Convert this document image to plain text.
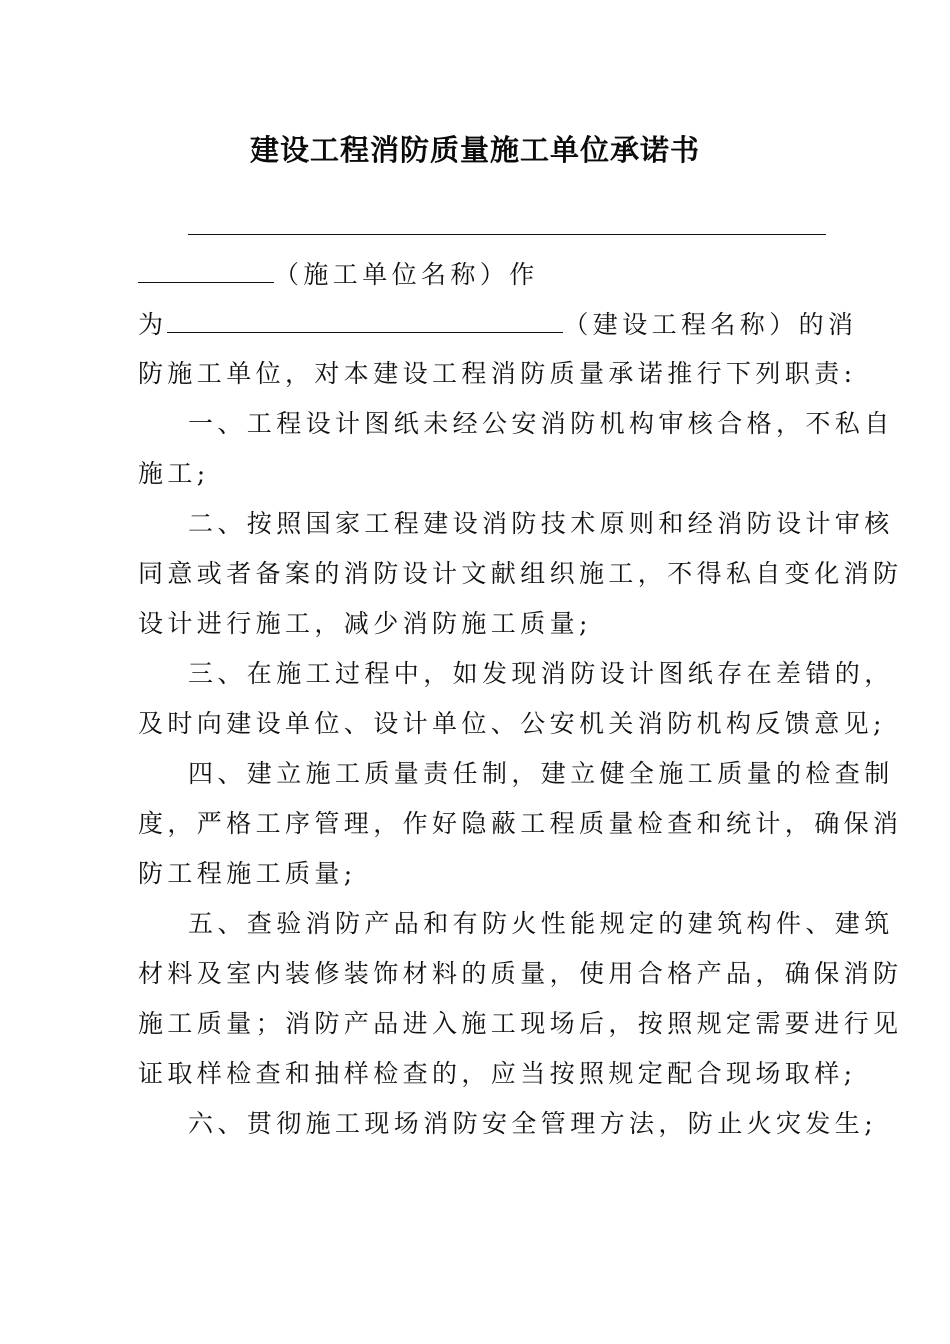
建设工程消防质量施工单位承诺书
（施工单位名称）作
为	（建设工程名称）的消
防施工单位，对本建设工程消防质量承诺推行下列职责:
一、工程设计图纸未经公安消防机构审核合格，不私自
施工;
二、按照国家工程建设消防技术原则和经消防设计审核
同意或者备案的消防设计文献组织施工，不得私自变化消防
设计进行施工，减少消防施工质量;
三、在施工过程中，如发现消防设计图纸存在差错的，
及时向建设单位、设计单位、公安机关消防机构反馈意见;
四、建立施工质量责任制，建立健全施工质量的检查制
度，严格工序管理，作好隐蔽工程质量检查和统计，确保消
防工程施工质量;
五、查验消防产品和有防火性能规定的建筑构件、建筑
材料及室内装修装饰材料的质量，使用合格产品，确保消防
施工质量；消防产品进入施工现场后，按照规定需要进行见
证取样检查和抽样检查的，应当按照规定配合现场取样;
六、贯彻施工现场消防安全管理方法，防止火灾发生;
